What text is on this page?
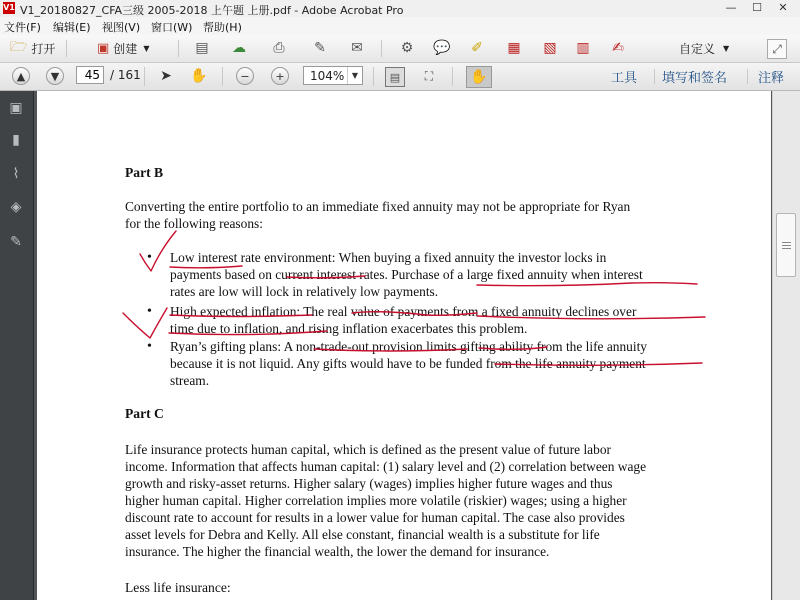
V1 V1_20180827_CFA三级 2005-2018 上午题 上册.pdf - Adobe Acrobat Pro	—	☐	✕
文件(F) 编辑(E) 视图(V) 窗口(W) 帮助(H)
🗁 打开	▣ 创建 ▼	▤ ☁ ⎙ ✎ ✉	⚙ 💬 ✐ ▦ ▧ ▥ ✍	自定义 ▼	⤢
▲	▼	➤ ✋	−	+	▤	⛶	✋
45
/ 161	104% ▼	工具 填写和签名 注释
▣
▮
⌇
◈
✎
Part B
Converting the entire portfolio to an immediate fixed annuity may not be appropriate for Ryan
for the following reasons:
•	Low interest rate environment: When buying a fixed annuity the investor locks in
payments based on current interest rates. Purchase of a large fixed annuity when interest
rates are low will lock in relatively low payments.
•	High expected inflation: The real value of payments from a fixed annuity declines over
time due to inflation, and rising inflation exacerbates this problem.
•	Ryan’s gifting plans: A non-trade-out provision limits gifting ability from the life annuity
because it is not liquid. Any gifts would have to be funded from the life annuity payment
stream.
Part C
Life insurance protects human capital, which is defined as the present value of future labor
income. Information that affects human capital: (1) salary level and (2) correlation between wage
growth and risky-asset returns. Higher salary (wages) implies higher future wages and thus
higher human capital. Higher correlation implies more volatile (riskier) wages; using a higher
discount rate to account for results in a lower value for human capital. The case also provides
asset levels for Debra and Kelly. All else constant, financial wealth is a substitute for life
insurance. The higher the financial wealth, the lower the demand for insurance.
Less life insurance:
